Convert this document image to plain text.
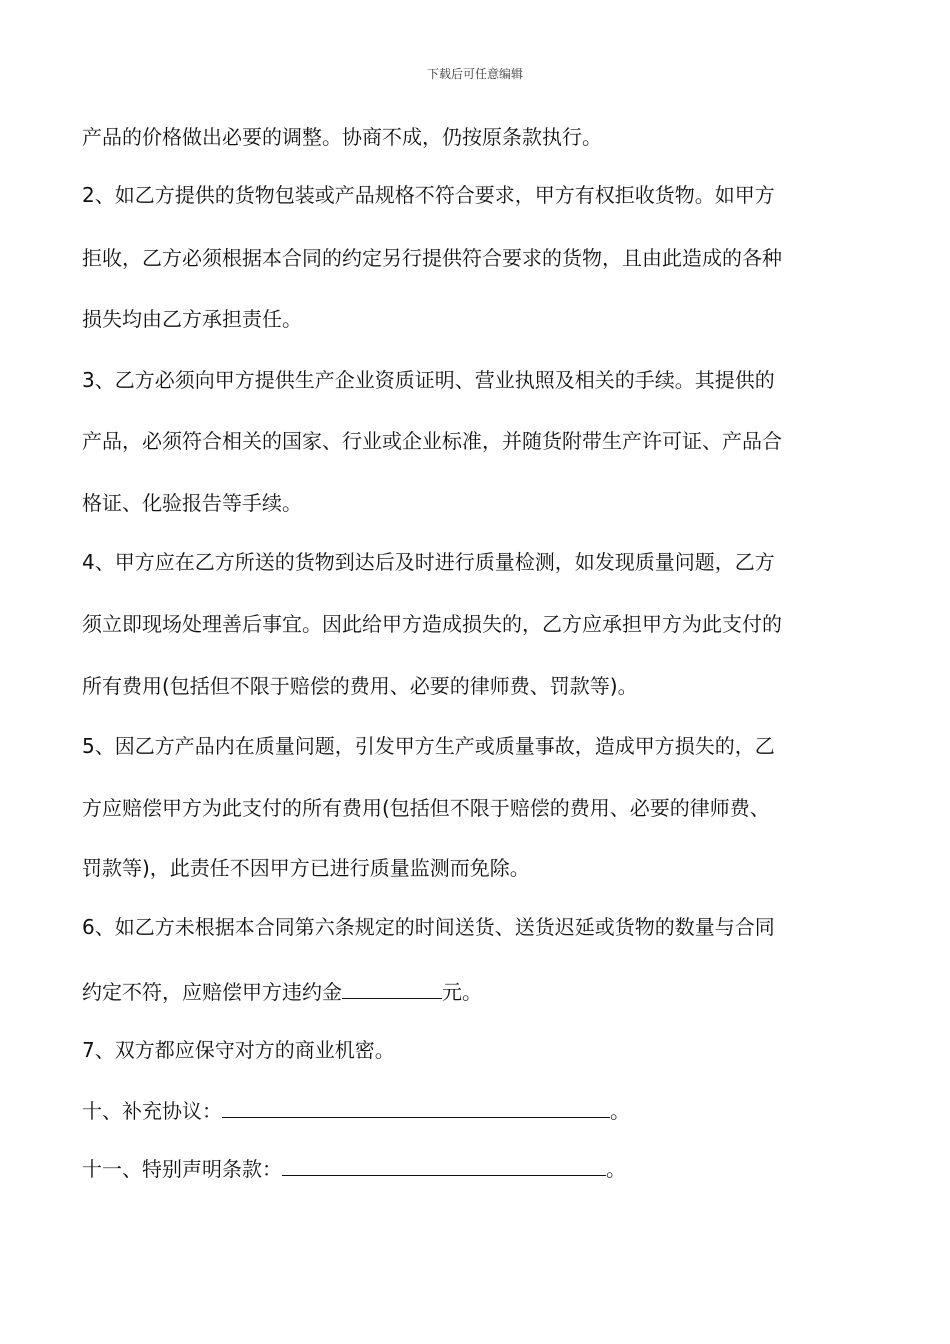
下载后可任意编辑
产品的价格做出必要的调整。协商不成，仍按原条款执行。
2、如乙方提供的货物包装或产品规格不符合要求，甲方有权拒收货物。如甲方
拒收，乙方必须根据本合同的约定另行提供符合要求的货物，且由此造成的各种
损失均由乙方承担责任。
3、乙方必须向甲方提供生产企业资质证明、营业执照及相关的手续。其提供的
产品，必须符合相关的国家、行业或企业标准，并随货附带生产许可证、产品合
格证、化验报告等手续。
4、甲方应在乙方所送的货物到达后及时进行质量检测，如发现质量问题，乙方
须立即现场处理善后事宜。因此给甲方造成损失的，乙方应承担甲方为此支付的
所有费用(包括但不限于赔偿的费用、必要的律师费、罚款等)。
5、因乙方产品内在质量问题，引发甲方生产或质量事故，造成甲方损失的，乙
方应赔偿甲方为此支付的所有费用(包括但不限于赔偿的费用、必要的律师费、
罚款等)，此责任不因甲方已进行质量监测而免除。
6、如乙方未根据本合同第六条规定的时间送货、送货迟延或货物的数量与合同
约定不符，应赔偿甲方违约金	元。
7、双方都应保守对方的商业机密。
十、补充协议：	。
十一、特别声明条款：	。
